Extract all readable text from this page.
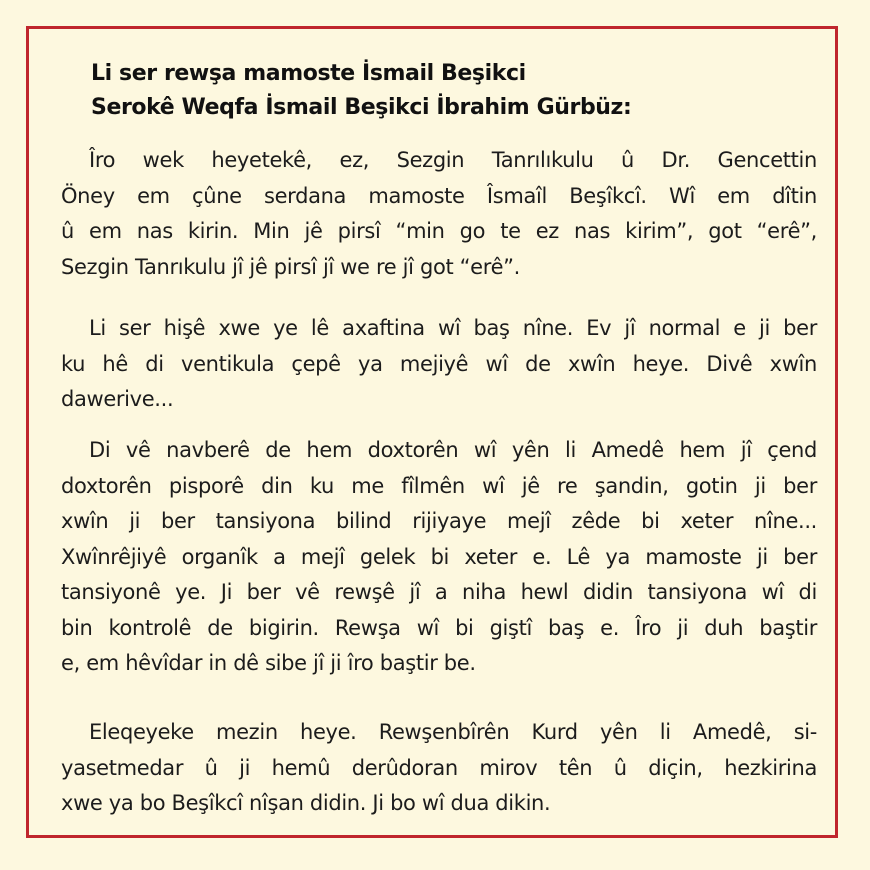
Li ser rewşa mamoste İsmail Beşikci
Serokê Weqfa İsmail Beşikci İbrahim Gürbüz:
Îro wek heyetekê, ez, Sezgin Tanrılıkulu û Dr. Gencettin
Öney em çûne serdana mamoste Îsmaîl Beşîkcî. Wî em dîtin
û em nas kirin. Min jê pirsî “min go te ez nas kirim”, got “erê”,
Sezgin Tanrıkulu jî jê pirsî jî we re jî got “erê”.
Li ser hişê xwe ye lê axaftina wî baş nîne. Ev jî normal e ji ber
ku hê di ventikula çepê ya mejiyê wî de xwîn heye. Divê xwîn
dawerive...
Di vê navberê de hem doxtorên wî yên li Amedê hem jî çend
doxtorên pisporê din ku me fîlmên wî jê re şandin, gotin ji ber
xwîn ji ber tansiyona bilind rijiyaye mejî zêde bi xeter nîne...
Xwînrêjiyê organîk a mejî gelek bi xeter e. Lê ya mamoste ji ber
tansiyonê ye. Ji ber vê rewşê jî a niha hewl didin tansiyona wî di
bin kontrolê de bigirin. Rewşa wî bi giştî baş e. Îro ji duh baştir
e, em hêvîdar in dê sibe jî ji îro baştir be.
Eleqeyeke mezin heye. Rewşenbîrên Kurd yên li Amedê, si-
yasetmedar û ji hemû derûdoran mirov tên û diçin, hezkirina
xwe ya bo Beşîkcî nîşan didin. Ji bo wî dua dikin.
